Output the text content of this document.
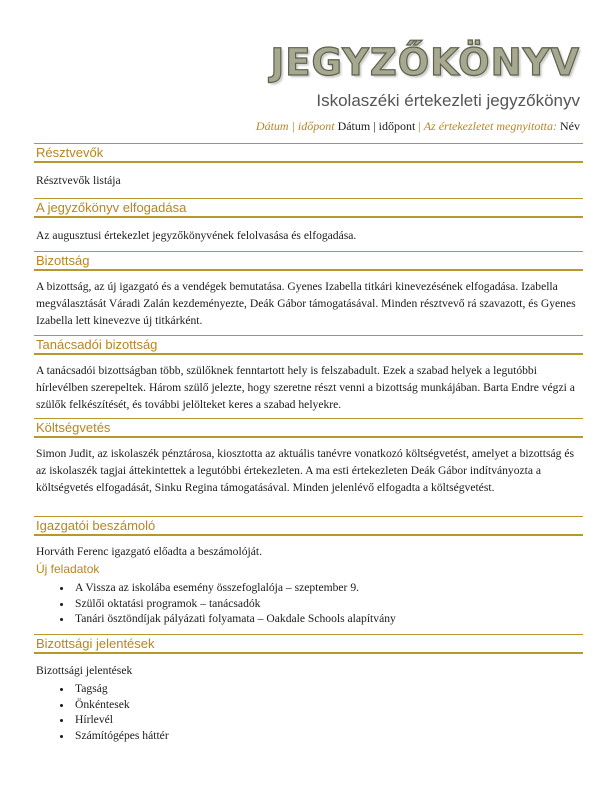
JEGYZŐKÖNYV
Iskolaszéki értekezleti jegyzőkönyv
Dátum | időpont Dátum | időpont | Az értekezletet megnyitotta: Név
Résztvevők

Résztvevők listája

A jegyzőkönyv elfogadása

Az augusztusi értekezlet jegyzőkönyvének felolvasása és elfogadása.

Bizottság

A bizottság, az új igazgató és a vendégek bemutatása. Gyenes Izabella titkári kinevezésének elfogadása. Izabella megválasztását Váradi Zalán kezdeményezte, Deák Gábor támogatásával. Minden résztvevő rá szavazott, és Gyenes Izabella lett kinevezve új titkárként.

Tanácsadói bizottság

A tanácsadói bizottságban több, szülőknek fenntartott hely is felszabadult. Ezek a szabad helyek a legutóbbi hírlevélben szerepeltek. Három szülő jelezte, hogy szeretne részt venni a bizottság munkájában. Barta Endre végzi a szülők felkészítését, és további jelölteket keres a szabad helyekre.

Költségvetés

Simon Judit, az iskolaszék pénztárosa, kiosztotta az aktuális tanévre vonatkozó költségvetést, amelyet a bizottság és az iskolaszék tagjai áttekintettek a legutóbbi értekezleten. A ma esti értekezleten Deák Gábor indítványozta a költségvetés elfogadását, Sinku Regina támogatásával. Minden jelenlévő elfogadta a költségvetést.

Igazgatói beszámoló

Horváth Ferenc igazgató előadta a beszámolóját.

Új feladatok
• A Vissza az iskolába esemény összefoglalója – szeptember 9.
• Szülői oktatási programok – tanácsadók
• Tanári ösztöndíjak pályázati folyamata – Oakdale Schools alapítvány
Bizottsági jelentések

Bizottsági jelentések

• Tagság
• Önkéntesek
• Hírlevél
• Számítógépes háttér
